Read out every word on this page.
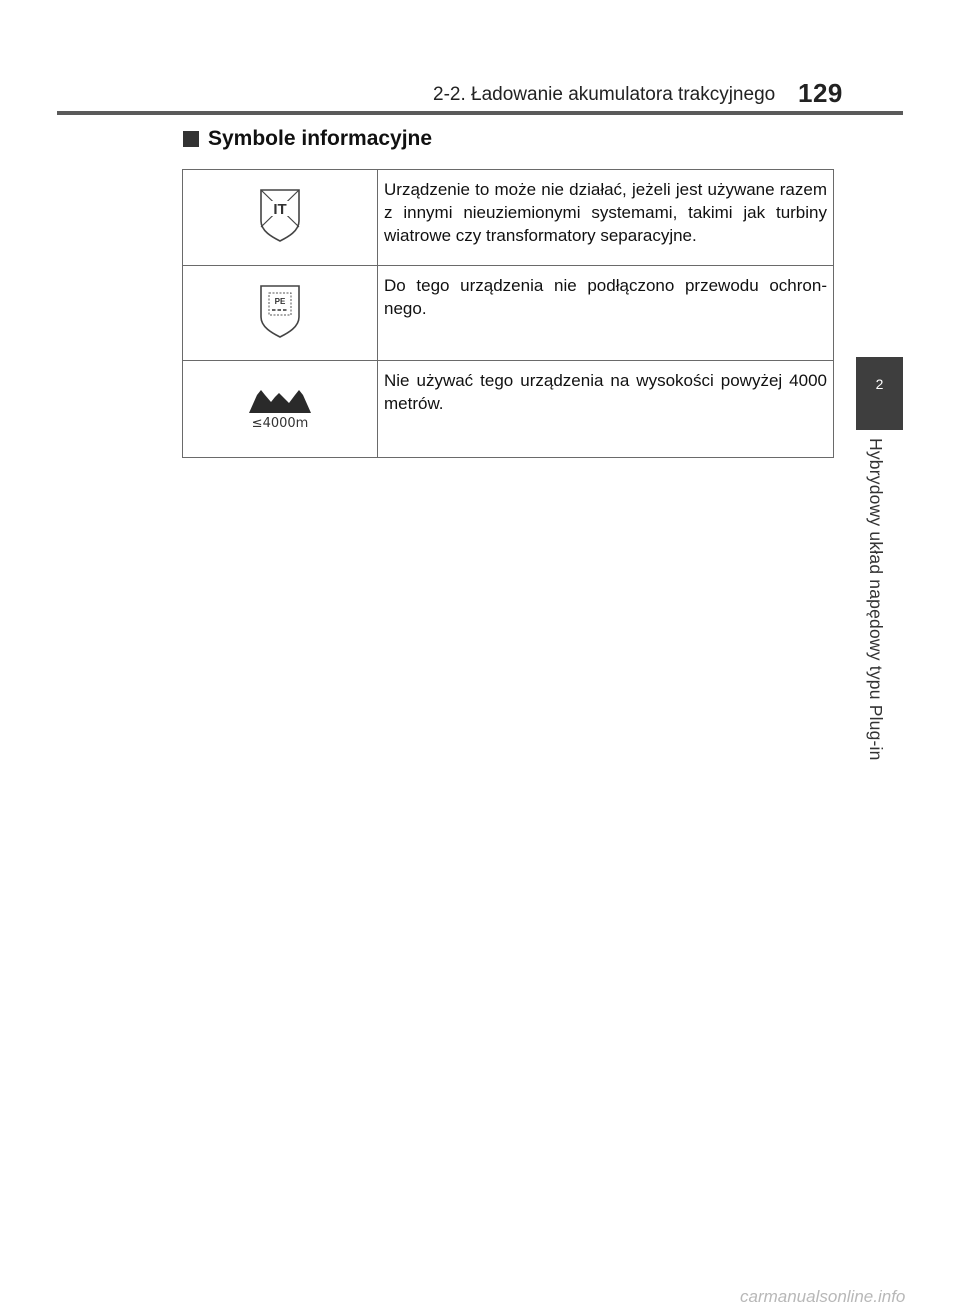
2-2. Ładowanie akumulatora trakcyjnego 129
Symbole informacyjne
IT	Urządzenie to może nie działać, jeżeli jest używane razem z innymi nieuziemionymi systemami, takimi jak turbiny wiatrowe czy transformatory separacyjne.

PE	Do tego urządzenia nie podłączono przewodu ochron-nego.

≤4000m	Nie używać tego urządzenia na wysokości powyżej 4000 metrów.
2
Hybrydowy układ napędowy typu Plug-in
carmanualsonline.info
